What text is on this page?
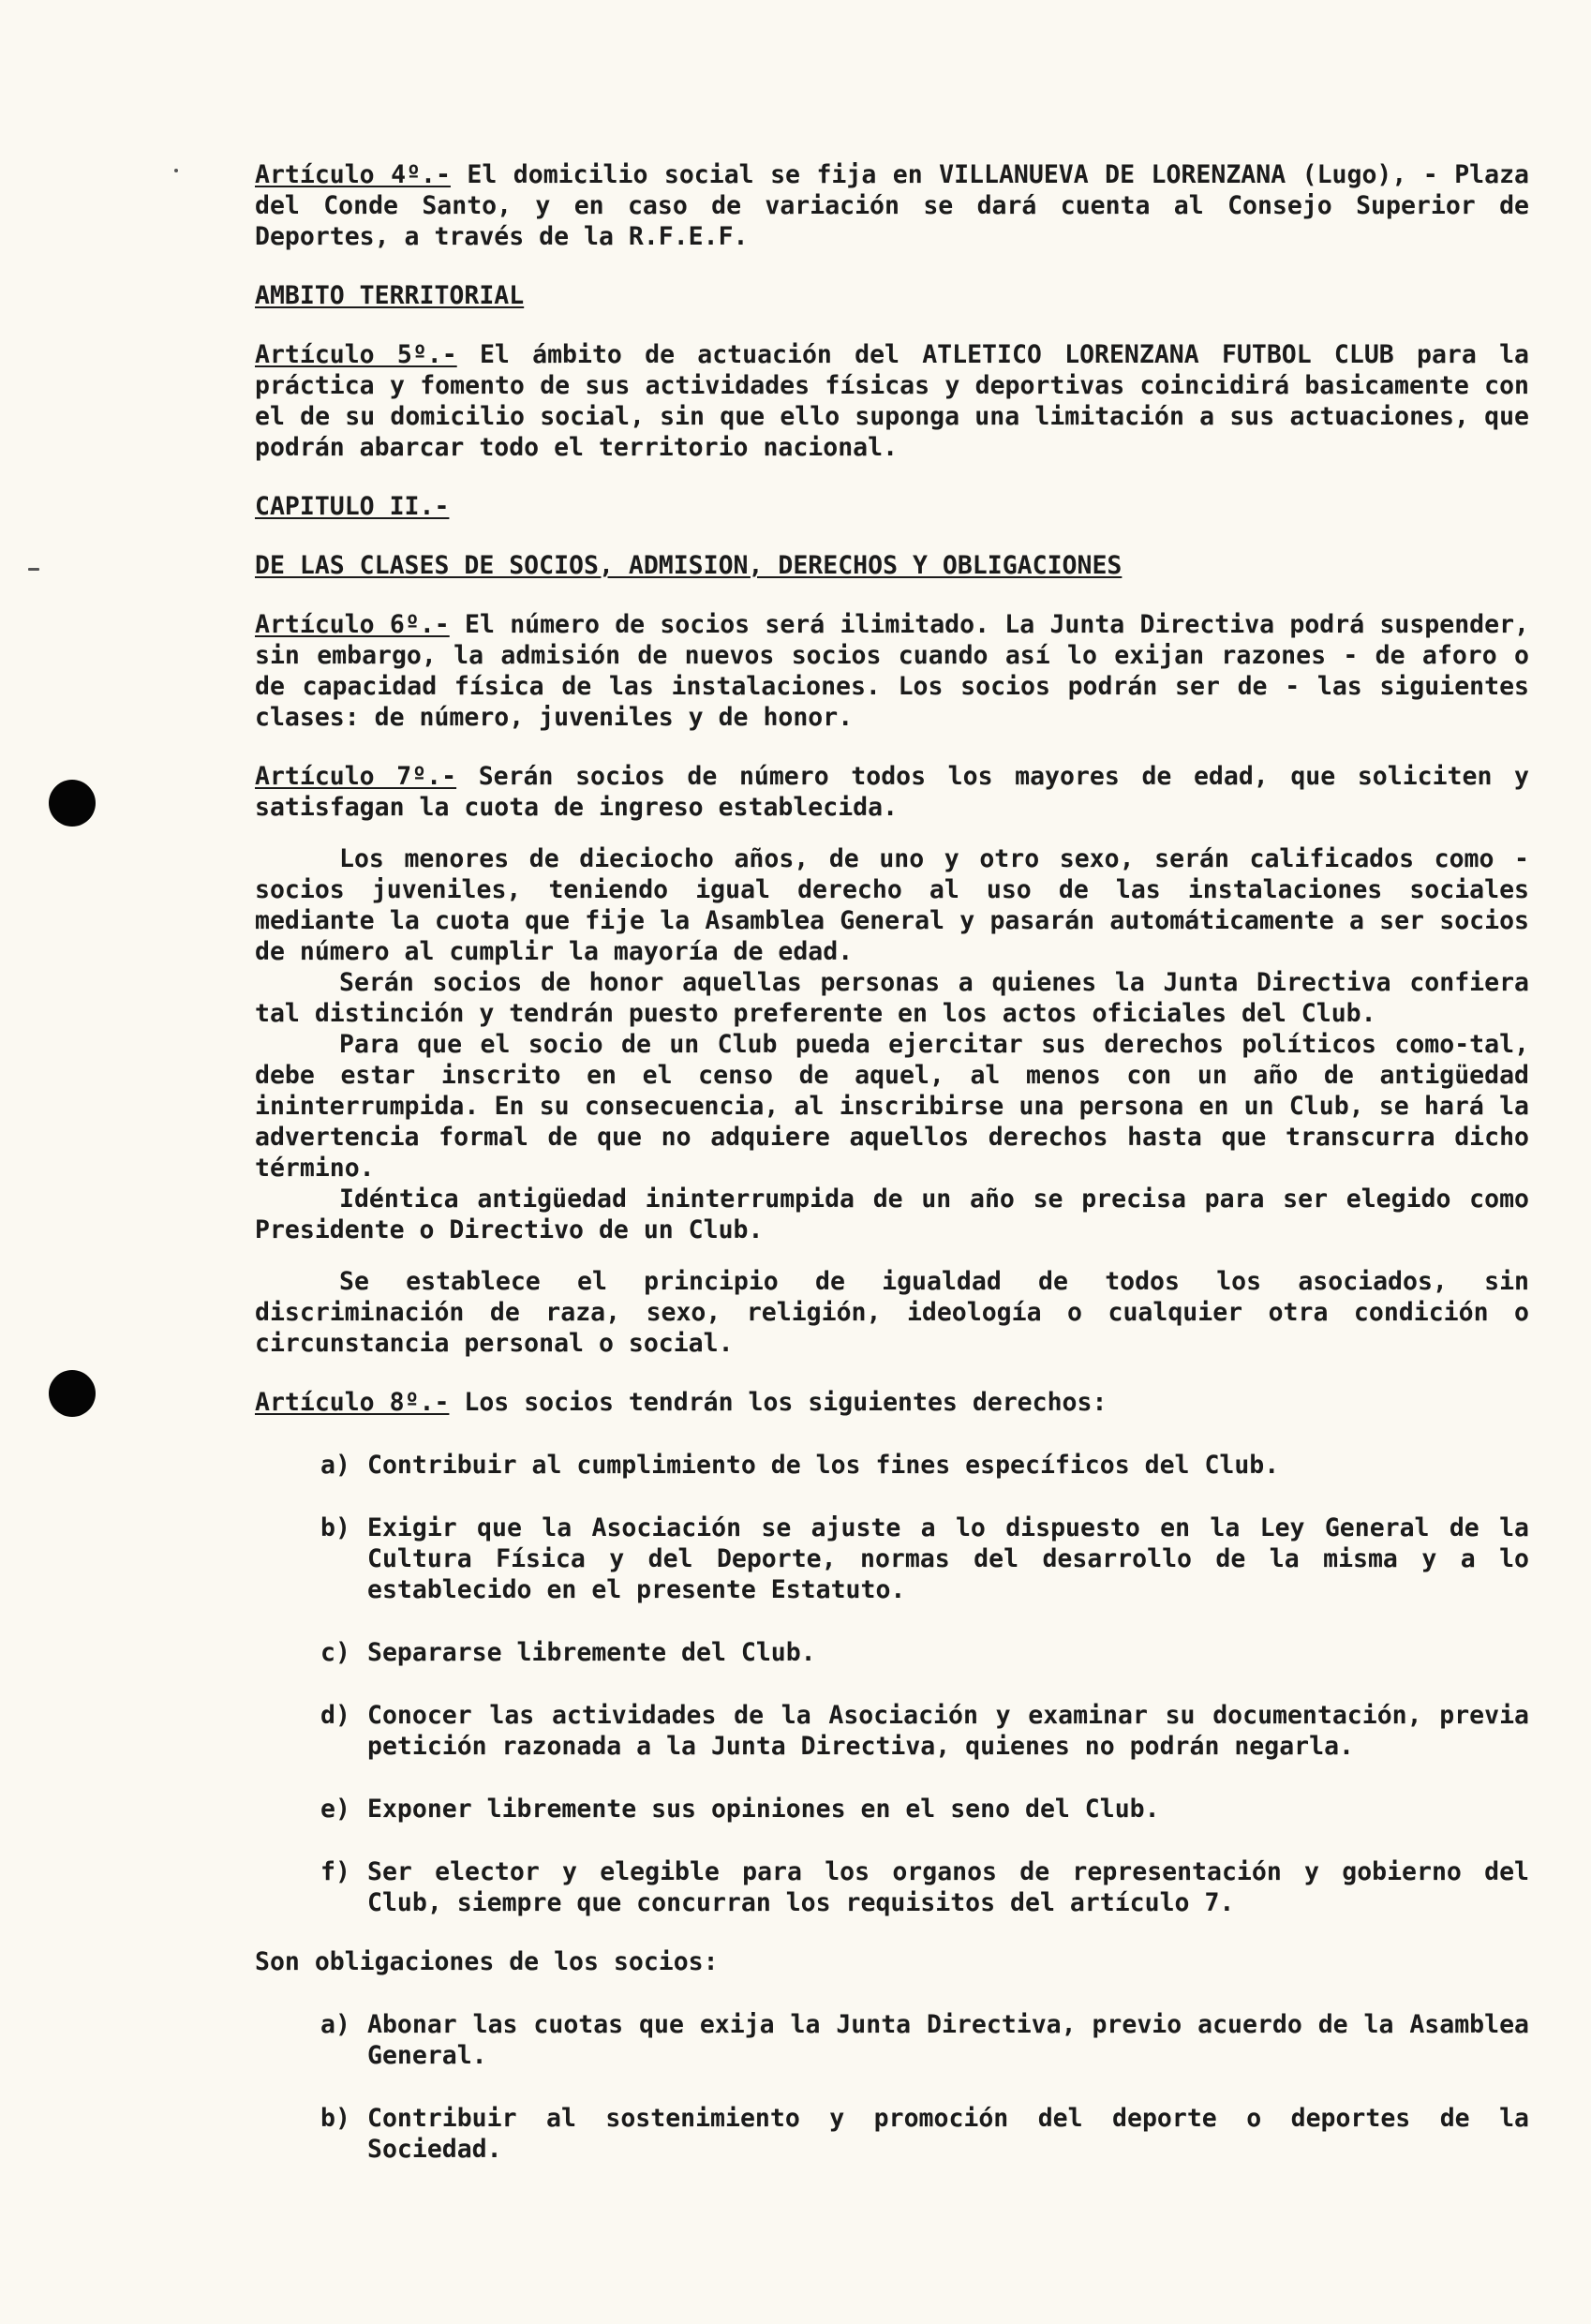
Artículo 4º.- El domicilio social se fija en VILLANUEVA DE LORENZANA (Lugo), - Plaza del Conde Santo, y en caso de variación se dará cuenta al Consejo Superior de Deportes, a través de la R.F.E.F.

AMBITO TERRITORIAL

Artículo 5º.- El ámbito de actuación del ATLETICO LORENZANA FUTBOL CLUB para la práctica y fomento de sus actividades físicas y deportivas coincidirá basicamente con el de su domicilio social, sin que ello suponga una limitación a sus actuaciones, que podrán abarcar todo el territorio nacional.

CAPITULO II.-

DE LAS CLASES DE SOCIOS, ADMISION, DERECHOS Y OBLIGACIONES

Artículo 6º.- El número de socios será ilimitado. La Junta Directiva podrá suspender, sin embargo, la admisión de nuevos socios cuando así lo exijan razones - de aforo o de capacidad física de las instalaciones. Los socios podrán ser de - las siguientes clases: de número, juveniles y de honor.

Artículo 7º.- Serán socios de número todos los mayores de edad, que soliciten y satisfagan la cuota de ingreso establecida.

Los menores de dieciocho años, de uno y otro sexo, serán calificados como - socios juveniles, teniendo igual derecho al uso de las instalaciones sociales mediante la cuota que fije la Asamblea General y pasarán automáticamente a ser socios de número al cumplir la mayoría de edad.

Serán socios de honor aquellas personas a quienes la Junta Directiva confiera tal distinción y tendrán puesto preferente en los actos oficiales del Club.

Para que el socio de un Club pueda ejercitar sus derechos políticos como-tal, debe estar inscrito en el censo de aquel, al menos con un año de antigüedad ininterrumpida. En su consecuencia, al inscribirse una persona en un Club, se hará la advertencia formal de que no adquiere aquellos derechos hasta que transcurra dicho término.

Idéntica antigüedad ininterrumpida de un año se precisa para ser elegido como Presidente o Directivo de un Club.

Se establece el principio de igualdad de todos los asociados, sin discriminación de raza, sexo, religión, ideología o cualquier otra condición o circunstancia personal o social.

Artículo 8º.- Los socios tendrán los siguientes derechos:

a) Contribuir al cumplimiento de los fines específicos del Club.
b) Exigir que la Asociación se ajuste a lo dispuesto en la Ley General de la Cultura Física y del Deporte, normas del desarrollo de la misma y a lo establecido en el presente Estatuto.
c) Separarse libremente del Club.
d) Conocer las actividades de la Asociación y examinar su documentación, previa petición razonada a la Junta Directiva, quienes no podrán negarla.
e) Exponer libremente sus opiniones en el seno del Club.
f) Ser elector y elegible para los organos de representación y gobierno del Club, siempre que concurran los requisitos del artículo 7.

Son obligaciones de los socios:

a) Abonar las cuotas que exija la Junta Directiva, previo acuerdo de la Asamblea General.
b) Contribuir al sostenimiento y promoción del deporte o deportes de la Sociedad.
